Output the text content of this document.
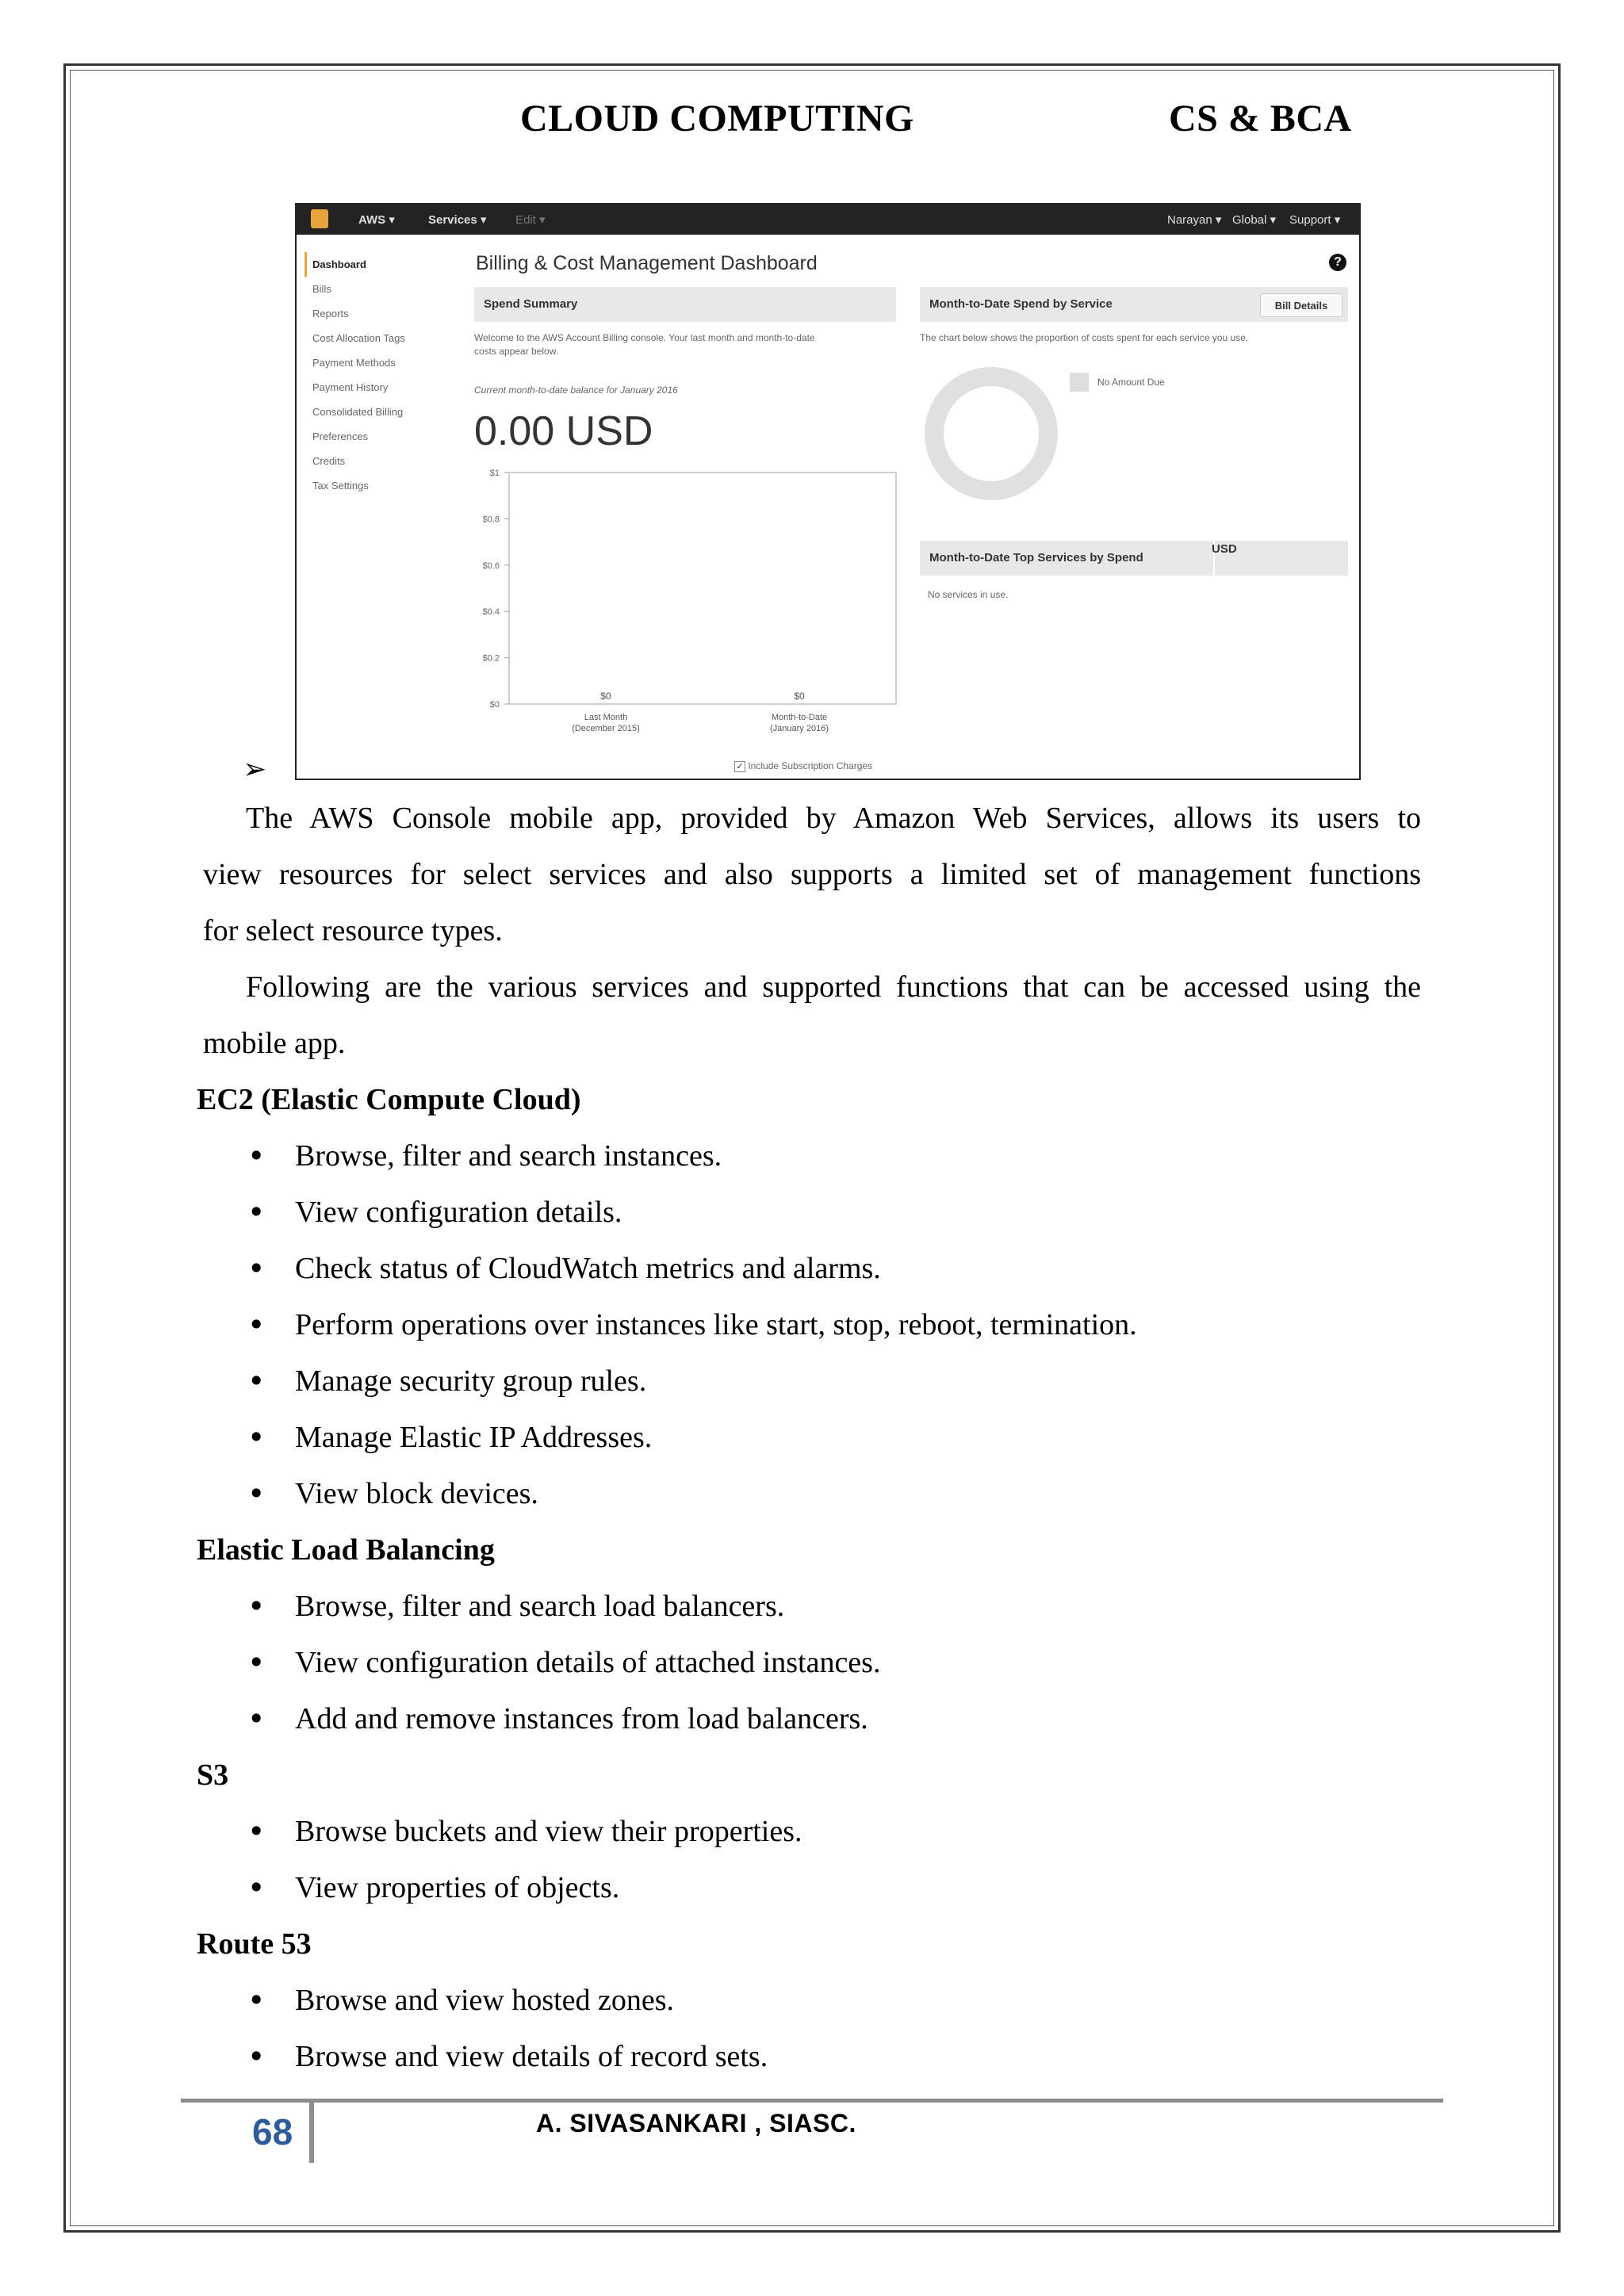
CLOUD COMPUTING	CS & BCA
AWS ▾	Services ▾ Edit ▾	Narayan ▾ Global ▾ Support ▾
Dashboard
Bills
Reports
Cost Allocation Tags
Payment Methods
Payment History
Consolidated Billing
Preferences
Credits
Tax Settings
Billing & Cost Management Dashboard	?
Spend Summary
Welcome to the AWS Account Billing console. Your last month and month-to-date
costs appear below.
Current month-to-date balance for January 2016
0.00 USD
$0
$0.2
$0.4
$0.6
$0.8
$1
$0
Last Month
(December 2015)
$0
Month-to-Date
(January 2016)
✓ Include Subscription Charges
Month-to-Date Spend by Service	Bill Details
The chart below shows the proportion of costs spent for each service you use.
No Amount Due
Month-to-Date Top Services by Spend
USD
No services in use.
➢
The AWS Console mobile app, provided by Amazon Web Services, allows its users to
view resources for select services and also supports a limited set of management functions
for select resource types.
Following are the various services and supported functions that can be accessed using the
mobile app.
EC2 (Elastic Compute Cloud)
• Browse, filter and search instances.
• View configuration details.
• Check status of CloudWatch metrics and alarms.
• Perform operations over instances like start, stop, reboot, termination.
• Manage security group rules.
• Manage Elastic IP Addresses.
• View block devices.
Elastic Load Balancing
• Browse, filter and search load balancers.
• View configuration details of attached instances.
• Add and remove instances from load balancers.
S3
• Browse buckets and view their properties.
• View properties of objects.
Route 53
• Browse and view hosted zones.
• Browse and view details of record sets.
68	A. SIVASANKARI , SIASC.
